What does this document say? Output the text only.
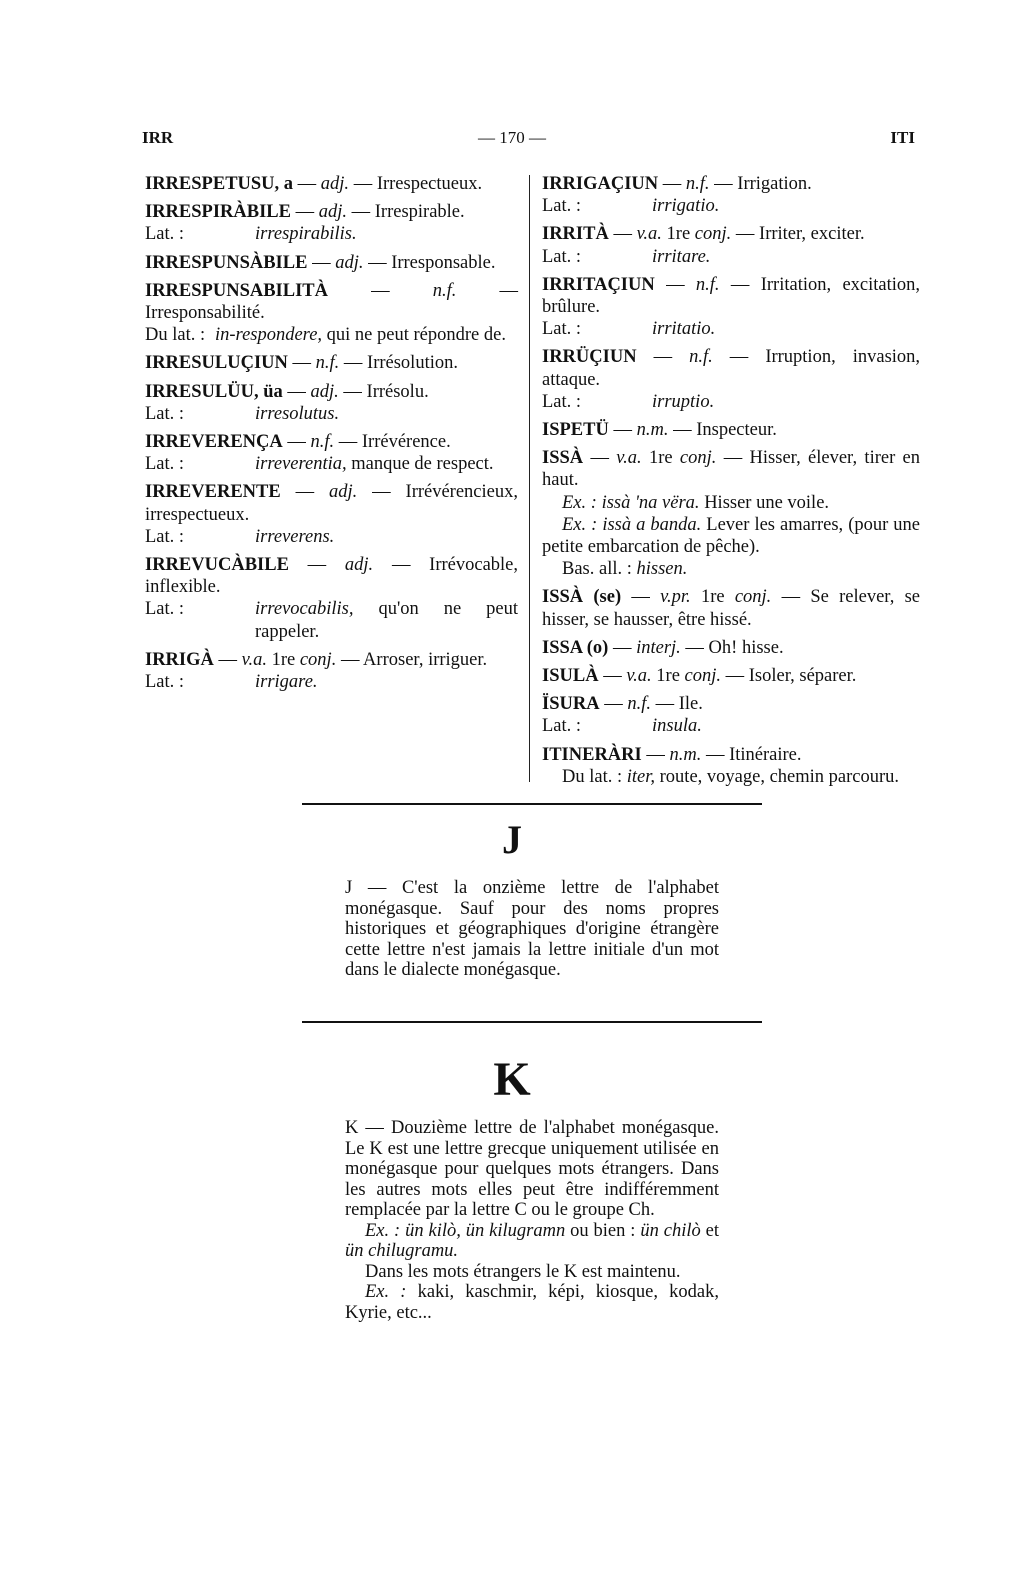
IRR	— 170 —	ITI

IRRESPETUSU, a — adj. — Irrespectueux.

IRRESPIRÀBILE — adj. — Irrespirable.

Lat. :	irrespirabilis.

IRRESPUNSÀBILE — adj. — Irresponsable.

IRRESPUNSABILITÀ — n.f. — Irresponsabilité.

Du lat. : in-respondere, qui ne peut répondre de.

IRRESULUÇIUN — n.f. — Irrésolution.

IRRESULÜU, üa — adj. — Irrésolu.

Lat. :	irresolutus.

IRREVERENÇA — n.f. — Irrévérence.

Lat. :	irreverentia, manque de respect.

IRREVERENTE — adj. — Irrévérencieux, irrespectueux.

Lat. :	irreverens.

IRREVUCÀBILE — adj. — Irrévocable, inflexible.

Lat. :	irrevocabilis, qu'on ne peut rappeler.

IRRIGÀ — v.a. 1re conj. — Arroser, irriguer.

Lat. :	irrigare.

IRRIGAÇIUN — n.f. — Irrigation.

Lat. :	irrigatio.

IRRITÀ — v.a. 1re conj. — Irriter, exciter.

Lat. :	irritare.

IRRITAÇIUN — n.f. — Irritation, excitation, brûlure.

Lat. :	irritatio.

IRRÜÇIUN — n.f. — Irruption, invasion, attaque.

Lat. :	irruptio.

ISPETÜ — n.m. — Inspecteur.

ISSÀ — v.a. 1re conj. — Hisser, élever, tirer en haut.

Ex. : issà 'na vëra. Hisser une voile.

Ex. : issà a banda. Lever les amarres, (pour une petite embarcation de pêche).

Bas. all. : hissen.

ISSÀ (se) — v.pr. 1re conj. — Se relever, se hisser, se hausser, être hissé.

ISSA (o) — interj. — Oh! hisse.

ISULÀ — v.a. 1re conj. — Isoler, séparer.

ÏSURA — n.f. — Ile.

Lat. :	insula.

ITINERÀRI — n.m. — Itinéraire.

Du lat. : iter, route, voyage, chemin parcouru.

J

J — C'est la onzième lettre de l'alphabet monégasque. Sauf pour des noms propres historiques et géographiques d'origine étrangère cette lettre n'est jamais la lettre initiale d'un mot dans le dialecte monégasque.

K

K — Douzième lettre de l'alphabet monégasque. Le K est une lettre grecque uniquement utilisée en monégasque pour quelques mots étrangers. Dans les autres mots elles peut être indifféremment remplacée par la lettre C ou le groupe Ch.

Ex. : ün kilò, ün kilugramn ou bien : ün chilò et ün chilugramu.

Dans les mots étrangers le K est maintenu.

Ex. : kaki, kaschmir, képi, kiosque, kodak, Kyrie, etc...
